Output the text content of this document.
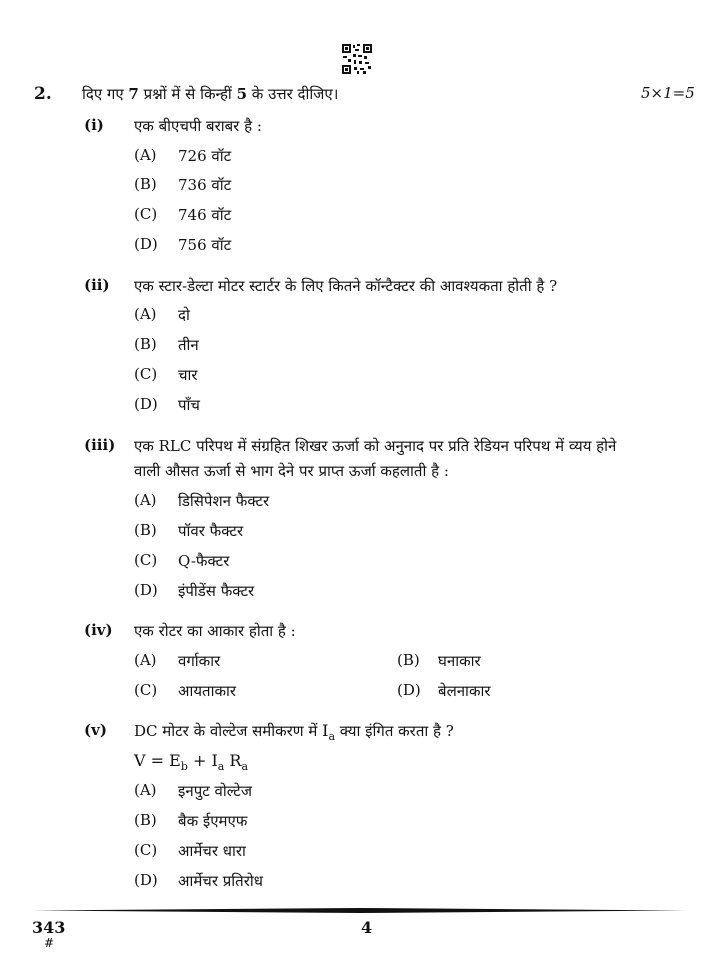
2. दिए गए 7 प्रश्नों में से किन्हीं 5 के उत्तर दीजिए।	5×1=5
(i) एक बीएचपी बराबर है :
(A) 726 वॉट
(B) 736 वॉट
(C) 746 वॉट
(D) 756 वॉट
(ii) एक स्टार-डेल्टा मोटर स्टार्टर के लिए कितने कॉन्टैक्टर की आवश्यकता होती है ?
(A) दो
(B) तीन
(C) चार
(D) पाँच
(iii) एक RLC परिपथ में संग्रहित शिखर ऊर्जा को अनुनाद पर प्रति रेडियन परिपथ में व्यय होने
वाली औसत ऊर्जा से भाग देने पर प्राप्त ऊर्जा कहलाती है :
(A) डिसिपेशन फैक्टर
(B) पॉवर फैक्टर
(C) Q-फैक्टर
(D) इंपीडेंस फैक्टर
(iv) एक रोटर का आकार होता है :
(A) वर्गाकार	(B) घनाकार
(C) आयताकार	(D) बेलनाकार
(v) DC मोटर के वोल्टेज समीकरण में $I_a$ क्या इंगित करता है ?
$V = E_b + I_a$ $R_a$
(A) इनपुट वोल्टेज
(B) बैक ईएमएफ
(C) आर्मेचर धारा
(D) आर्मेचर प्रतिरोध
343
#
4
